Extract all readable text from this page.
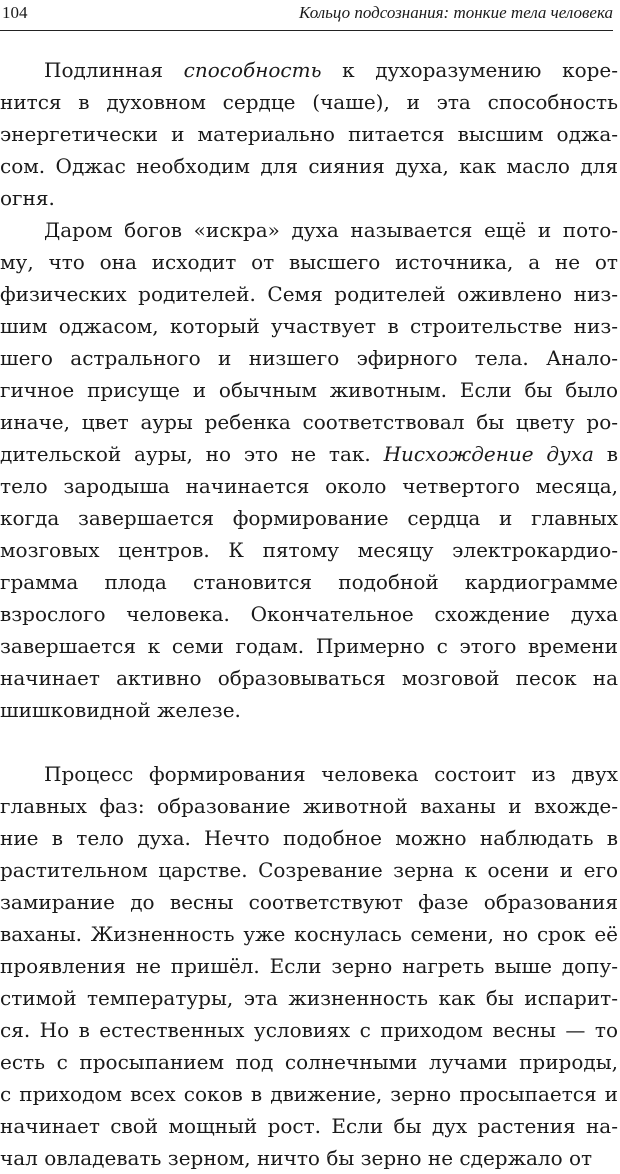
104	Кольцо подсознания: тонкие тела человека
Подлинная способность к духоразумению коре-
нится в духовном сердце (чаше), и эта способность
энергетически и материально питается высшим оджа-
сом. Оджас необходим для сияния духа, как масло для
огня.
Даром богов «искра» духа называется ещё и пото-
му, что она исходит от высшего источника, а не от
физических родителей. Семя родителей оживлено низ-
шим оджасом, который участвует в строительстве низ-
шего астрального и низшего эфирного тела. Анало-
гичное присуще и обычным животным. Если бы было
иначе, цвет ауры ребенка соответствовал бы цвету ро-
дительской ауры, но это не так. Нисхождение духа в
тело зародыша начинается около четвертого месяца,
когда завершается формирование сердца и главных
мозговых центров. К пятому месяцу электрокардио-
грамма плода становится подобной кардиограмме
взрослого человека. Окончательное схождение духа
завершается к семи годам. Примерно с этого времени
начинает активно образовываться мозговой песок на
шишковидной железе.
Процесс формирования человека состоит из двух
главных фаз: образование животной ваханы и вхожде-
ние в тело духа. Нечто подобное можно наблюдать в
растительном царстве. Созревание зерна к осени и его
замирание до весны соответствуют фазе образования
ваханы. Жизненность уже коснулась семени, но срок её
проявления не пришёл. Если зерно нагреть выше допу-
стимой температуры, эта жизненность как бы испарит-
ся. Но в естественных условиях с приходом весны — то
есть с просыпанием под солнечными лучами природы,
с приходом всех соков в движение, зерно просыпается и
начинает свой мощный рост. Если бы дух растения на-
чал овладевать зерном, ничто бы зерно не сдержало от
